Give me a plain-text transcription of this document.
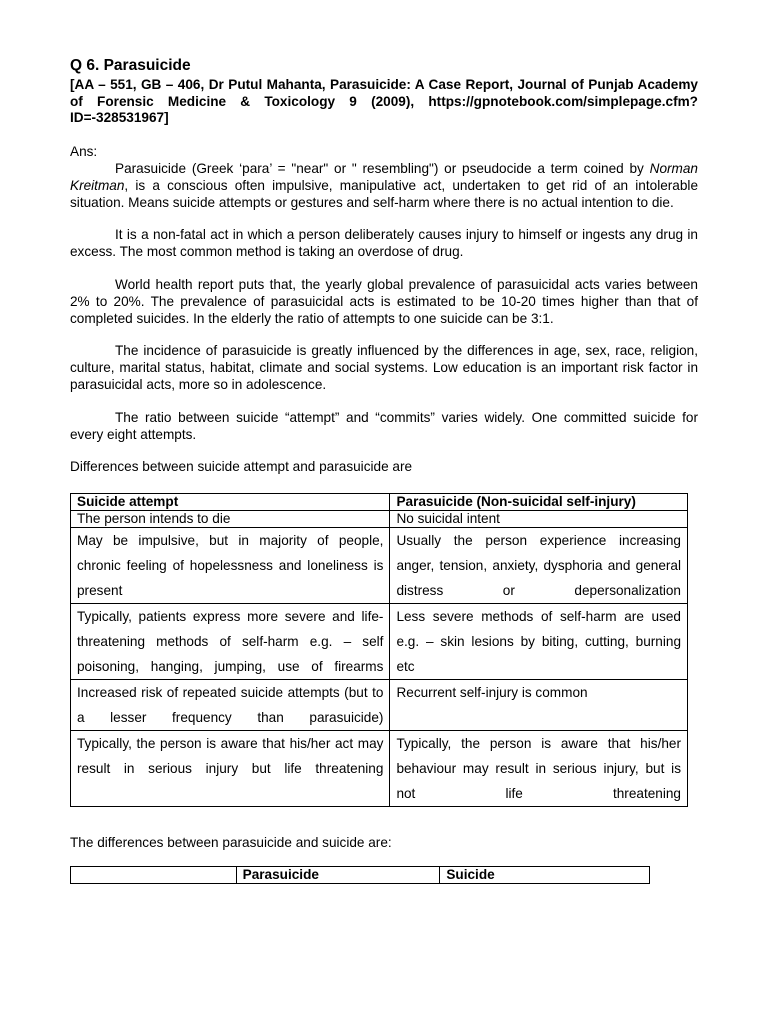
Q 6. Parasuicide

[AA – 551, GB – 406, Dr Putul Mahanta, Parasuicide: A Case Report, Journal of Punjab Academy of Forensic Medicine & Toxicology 9 (2009), https://gpnotebook.com/simplepage.cfm?ID=-328531967]

Ans:

Parasuicide (Greek ‘para’ = "near" or " resembling") or pseudocide a term coined by Norman Kreitman, is a conscious often impulsive, manipulative act, undertaken to get rid of an intolerable situation. Means suicide attempts or gestures and self-harm where there is no actual intention to die.

It is a non-fatal act in which a person deliberately causes injury to himself or ingests any drug in excess. The most common method is taking an overdose of drug.

World health report puts that, the yearly global prevalence of parasuicidal acts varies between 2% to 20%. The prevalence of parasuicidal acts is estimated to be 10-20 times higher than that of completed suicides. In the elderly the ratio of attempts to one suicide can be 3:1.

The incidence of parasuicide is greatly influenced by the differences in age, sex, race, religion, culture, marital status, habitat, climate and social systems. Low education is an important risk factor in parasuicidal acts, more so in adolescence.

The ratio between suicide “attempt” and “commits” varies widely. One committed suicide for every eight attempts.

Differences between suicide attempt and parasuicide are

Suicide attempt	Parasuicide (Non-suicidal self-injury)
The person intends to die	No suicidal intent
May be impulsive, but in majority of people, chronic feeling of hopelessness and loneliness is present	Usually the person experience increasing anger, tension, anxiety, dysphoria and general distress or depersonalization
Typically, patients express more severe and life-threatening methods of self-harm e.g. – self poisoning, hanging, jumping, use of firearms	Less severe methods of self-harm are used e.g. – skin lesions by biting, cutting, burning etc
Increased risk of repeated suicide attempts (but to a lesser frequency than parasuicide)	Recurrent self-injury is common
Typically, the person is aware that his/her act may result in serious injury but life threatening	Typically, the person is aware that his/her behaviour may result in serious injury, but is not life threatening

The differences between parasuicide and suicide are:

	Parasuicide	Suicide
